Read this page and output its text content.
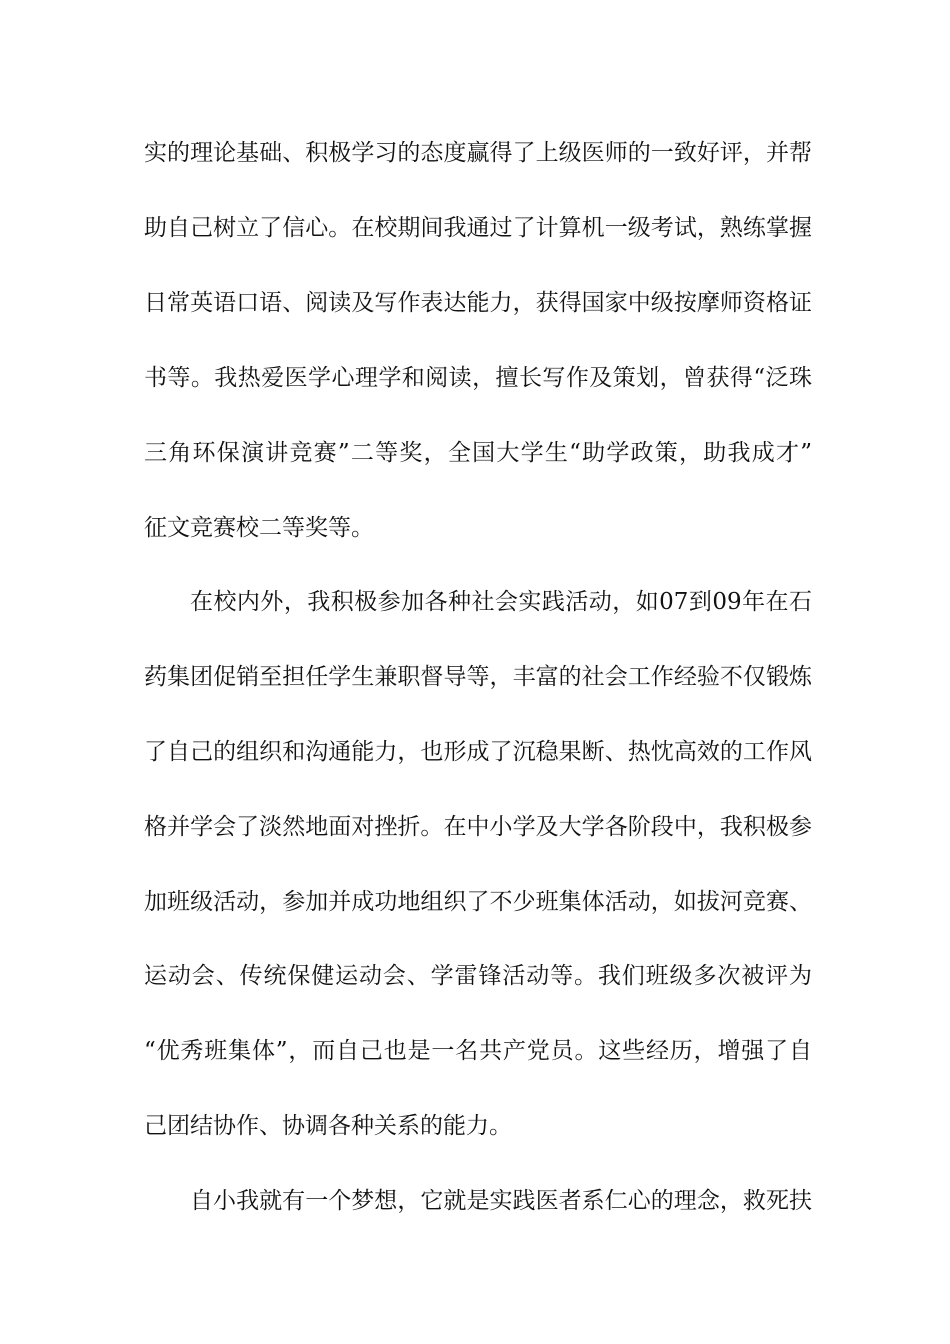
实的理论基础、积极学习的态度赢得了上级医师的一致好评，并帮
助自己树立了信心。在校期间我通过了计算机一级考试，熟练掌握
日常英语口语、阅读及写作表达能力，获得国家中级按摩师资格证
书等。我热爱医学心理学和阅读，擅长写作及策划，曾获得“泛珠
三角环保演讲竞赛”二等奖，全国大学生“助学政策，助我成才”
征文竞赛校二等奖等。
在校内外，我积极参加各种社会实践活动，如07到09年在石
药集团促销至担任学生兼职督导等，丰富的社会工作经验不仅锻炼
了自己的组织和沟通能力，也形成了沉稳果断、热忱高效的工作风
格并学会了淡然地面对挫折。在中小学及大学各阶段中，我积极参
加班级活动，参加并成功地组织了不少班集体活动，如拔河竞赛、
运动会、传统保健运动会、学雷锋活动等。我们班级多次被评为
“优秀班集体”，而自己也是一名共产党员。这些经历，增强了自
己团结协作、协调各种关系的能力。
自小我就有一个梦想，它就是实践医者系仁心的理念，救死扶
